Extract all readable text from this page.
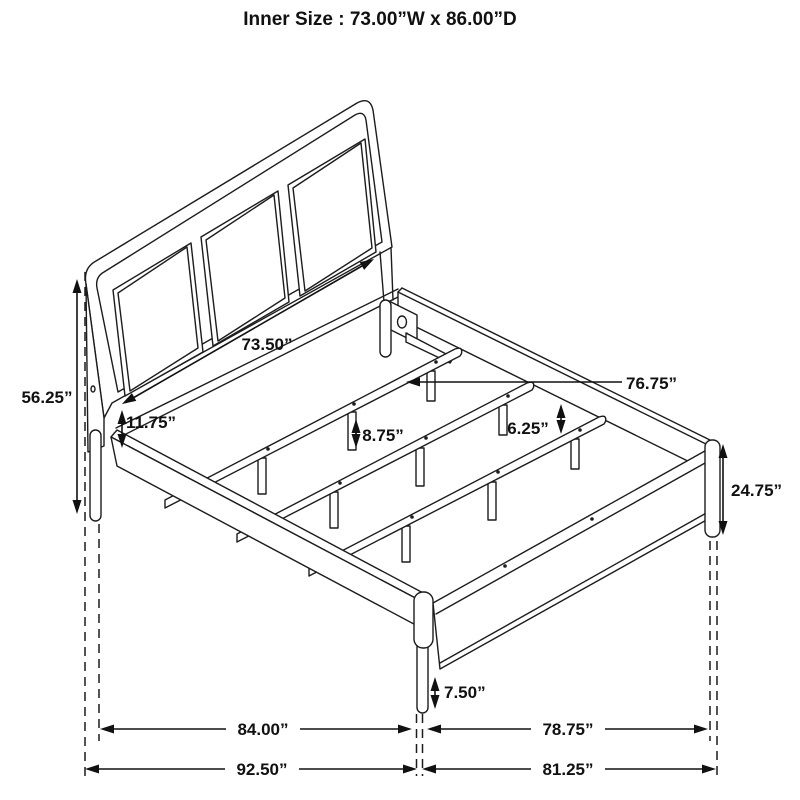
Inner Size : 73.00”W x 86.00”D
73.50”
11.75”
56.25”
76.75”
8.75”	6.25”
24.75”
7.50”
84.00”	78.75”
92.50”	81.25”
